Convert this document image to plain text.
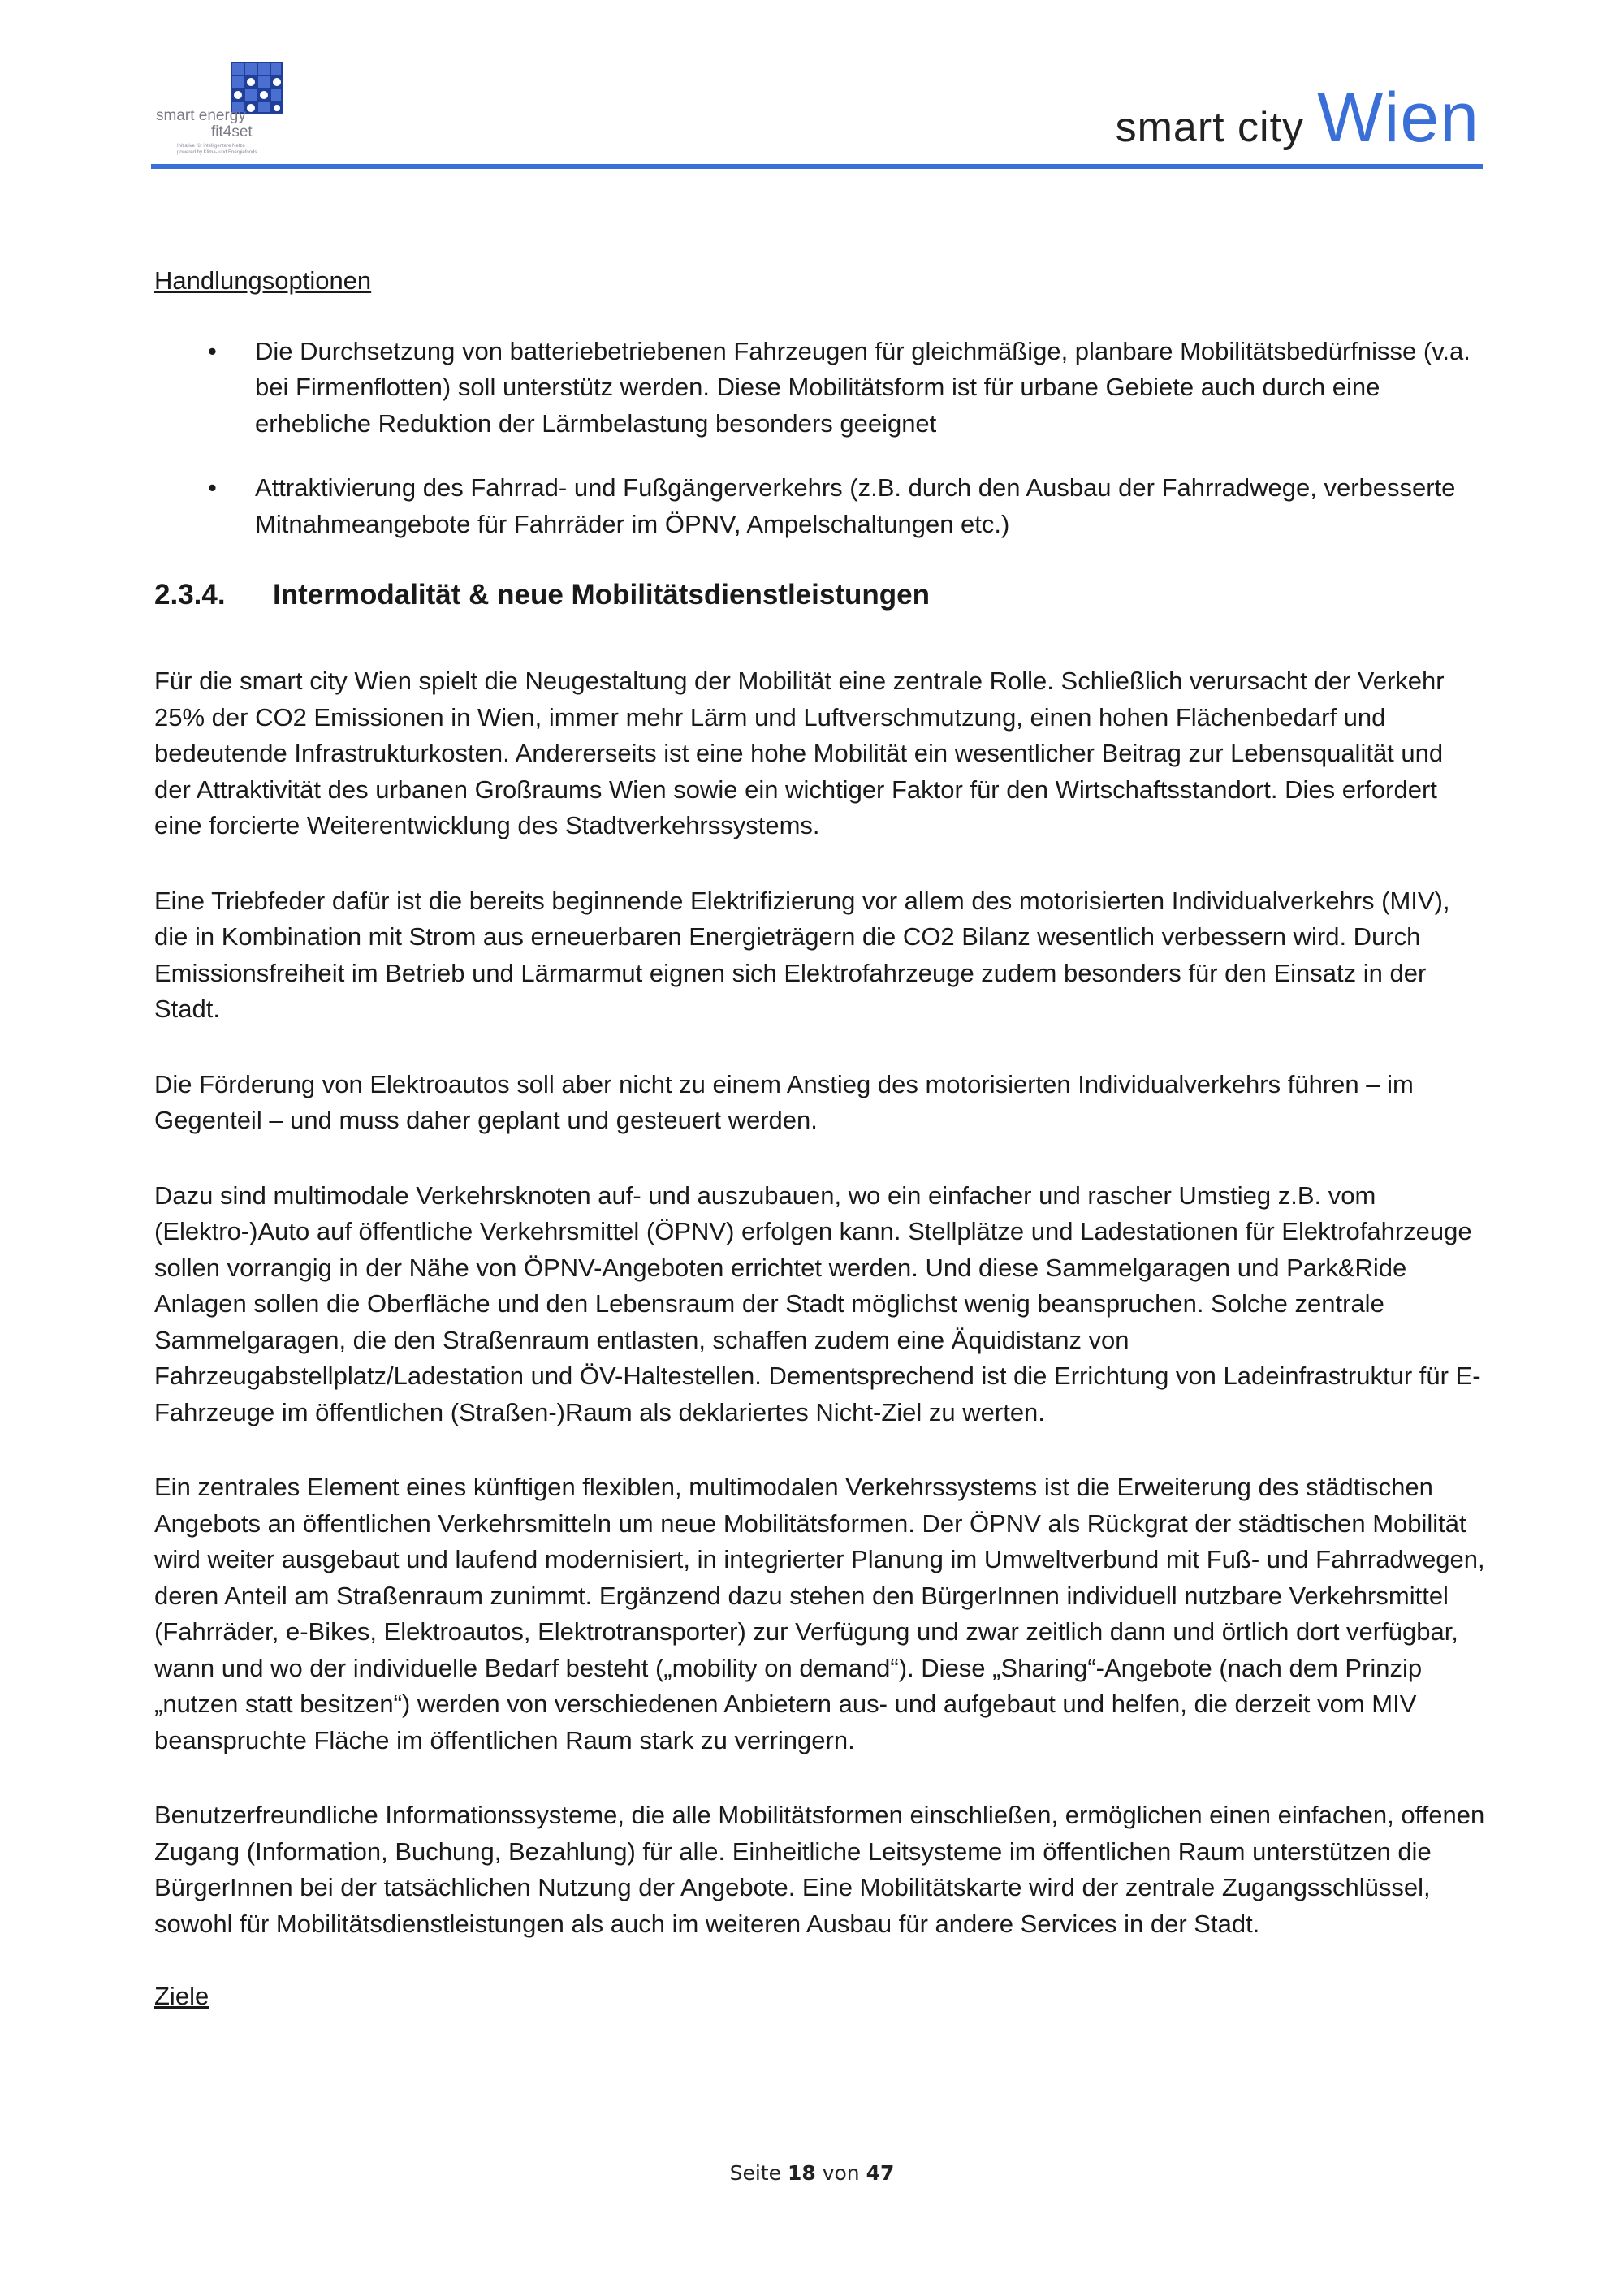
smart energy
fit4set
Initiative für intelligentere Netze
powered by Klima- und Energiefonds
smart city Wien

Handlungsoptionen

• Die Durchsetzung von batteriebetriebenen Fahrzeugen für gleichmäßige, planbare Mobilitätsbedürfnisse (v.a. bei Firmenflotten) soll unterstütz werden. Diese Mobilitätsform ist für urbane Gebiete auch durch eine erhebliche Reduktion der Lärmbelastung besonders geeignet
• Attraktivierung des Fahrrad- und Fußgängerverkehrs (z.B. durch den Ausbau der Fahrradwege, verbesserte Mitnahmeangebote für Fahrräder im ÖPNV, Ampelschaltungen etc.)
2.3.4. Intermodalität & neue Mobilitätsdienstleistungen

Für die smart city Wien spielt die Neugestaltung der Mobilität eine zentrale Rolle. Schließlich verursacht der Verkehr 25% der CO2 Emissionen in Wien, immer mehr Lärm und Luftverschmutzung, einen hohen Flächenbedarf und bedeutende Infrastrukturkosten. Andererseits ist eine hohe Mobilität ein wesentlicher Beitrag zur Lebensqualität und der Attraktivität des urbanen Großraums Wien sowie ein wichtiger Faktor für den Wirtschaftsstandort. Dies erfordert eine forcierte Weiterentwicklung des Stadtverkehrssystems.

Eine Triebfeder dafür ist die bereits beginnende Elektrifizierung vor allem des motorisierten Individualverkehrs (MIV), die in Kombination mit Strom aus erneuerbaren Energieträgern die CO2 Bilanz wesentlich verbessern wird. Durch Emissionsfreiheit im Betrieb und Lärmarmut eignen sich Elektrofahrzeuge zudem besonders für den Einsatz in der Stadt.

Die Förderung von Elektroautos soll aber nicht zu einem Anstieg des motorisierten Individualverkehrs führen – im Gegenteil – und muss daher geplant und gesteuert werden.

Dazu sind multimodale Verkehrsknoten auf- und auszubauen, wo ein einfacher und rascher Umstieg z.B. vom (Elektro-)Auto auf öffentliche Verkehrsmittel (ÖPNV) erfolgen kann. Stellplätze und Ladestationen für Elektrofahrzeuge sollen vorrangig in der Nähe von ÖPNV-Angeboten errichtet werden. Und diese Sammelgaragen und Park&Ride Anlagen sollen die Oberfläche und den Lebensraum der Stadt möglichst wenig beanspruchen. Solche zentrale Sammelgaragen, die den Straßenraum entlasten, schaffen zudem eine Äquidistanz von Fahrzeugabstellplatz/Ladestation und ÖV-Haltestellen. Dementsprechend ist die Errichtung von Ladeinfrastruktur für E-Fahrzeuge im öffentlichen (Straßen-)Raum als deklariertes Nicht-Ziel zu werten.

Ein zentrales Element eines künftigen flexiblen, multimodalen Verkehrssystems ist die Erweiterung des städtischen Angebots an öffentlichen Verkehrsmitteln um neue Mobilitätsformen. Der ÖPNV als Rückgrat der städtischen Mobilität wird weiter ausgebaut und laufend modernisiert, in integrierter Planung im Umweltverbund mit Fuß- und Fahrradwegen, deren Anteil am Straßenraum zunimmt. Ergänzend dazu stehen den BürgerInnen individuell nutzbare Verkehrsmittel (Fahrräder, e-Bikes, Elektroautos, Elektrotransporter) zur Verfügung und zwar zeitlich dann und örtlich dort verfügbar, wann und wo der individuelle Bedarf besteht („mobility on demand“). Diese „Sharing“-Angebote (nach dem Prinzip „nutzen statt besitzen“) werden von verschiedenen Anbietern aus- und aufgebaut und helfen, die derzeit vom MIV beanspruchte Fläche im öffentlichen Raum stark zu verringern.

Benutzerfreundliche Informationssysteme, die alle Mobilitätsformen einschließen, ermöglichen einen einfachen, offenen Zugang (Information, Buchung, Bezahlung) für alle. Einheitliche Leitsysteme im öffentlichen Raum unterstützen die BürgerInnen bei der tatsächlichen Nutzung der Angebote. Eine Mobilitätskarte wird der zentrale Zugangsschlüssel, sowohl für Mobilitätsdienstleistungen als auch im weiteren Ausbau für andere Services in der Stadt.

Ziele

Seite 18 von 47
